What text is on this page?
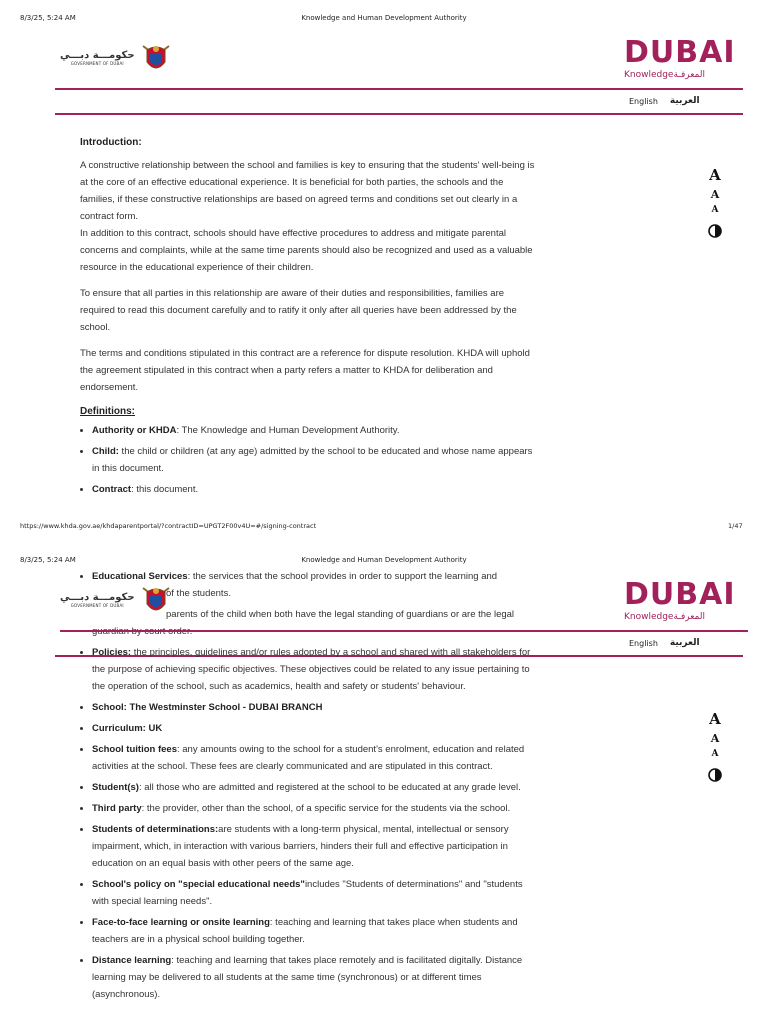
8/3/25, 5:24 AM	Knowledge and Human Development Authority
حكومـــة دبـــي
GOVERNMENT OF DUBAI	DUBAI
Knowledge المعرفـة
English العربية
A
A
A
Introduction:

A constructive relationship between the school and families is key to ensuring that the students' well-being is at the core of an effective educational experience. It is beneficial for both parties, the schools and the families, if these constructive relationships are based on agreed terms and conditions set out clearly in a contract form.

In addition to this contract, schools should have effective procedures to address and mitigate parental concerns and complaints, while at the same time parents should also be recognized and used as a valuable resource in the educational experience of their children.

To ensure that all parties in this relationship are aware of their duties and responsibilities, families are required to read this document carefully and to ratify it only after all queries have been addressed by the school.

The terms and conditions stipulated in this contract are a reference for dispute resolution. KHDA will uphold the agreement stipulated in this contract when a party refers a matter to KHDA for deliberation and endorsement.

Definitions:
• Authority or KHDA: The Knowledge and Human Development Authority.
• Child: the child or children (at any age) admitted by the school to be educated and whose name appears in this document.
• Contract: this document.
https://www.khda.gov.ae/khdaparentportal/?contractID=UPGT2F00v4U=#/signing-contract	1/47
8/3/25, 5:24 AM	Knowledge and Human Development Authority
• Educational Services: the services that the school provides in order to support the learning and
of the students.
parents of the child when both have the legal standing of guardians or are the legal
حكومـــة دبـــي
GOVERNMENT OF DUBAI	DUBAI
Knowledge المعرفـة
English العربية
A
A
A
• Policies: the principles, guidelines and/or rules adopted by a school and shared with all stakeholders for the purpose of achieving specific objectives. These objectives could be related to any issue pertaining to the operation of the school, such as academics, health and safety or students' behaviour.
• School: The Westminster School - DUBAI BRANCH
• Curriculum: UK
• School tuition fees: any amounts owing to the school for a student's enrolment, education and related activities at the school. These fees are clearly communicated and are stipulated in this contract.
• Student(s): all those who are admitted and registered at the school to be educated at any grade level.
• Third party: the provider, other than the school, of a specific service for the students via the school.
• Students of determinations:are students with a long-term physical, mental, intellectual or sensory impairment, which, in interaction with various barriers, hinders their full and effective participation in education on an equal basis with other peers of the same age.
• School's policy on "special educational needs"includes "Students of determinations" and "students with special learning needs".
• Face-to-face learning or onsite learning: teaching and learning that takes place when students and teachers are in a physical school building together.
• Distance learning: teaching and learning that takes place remotely and is facilitated digitally. Distance learning may be delivered to all students at the same time (synchronous) or at different times (asynchronous).
